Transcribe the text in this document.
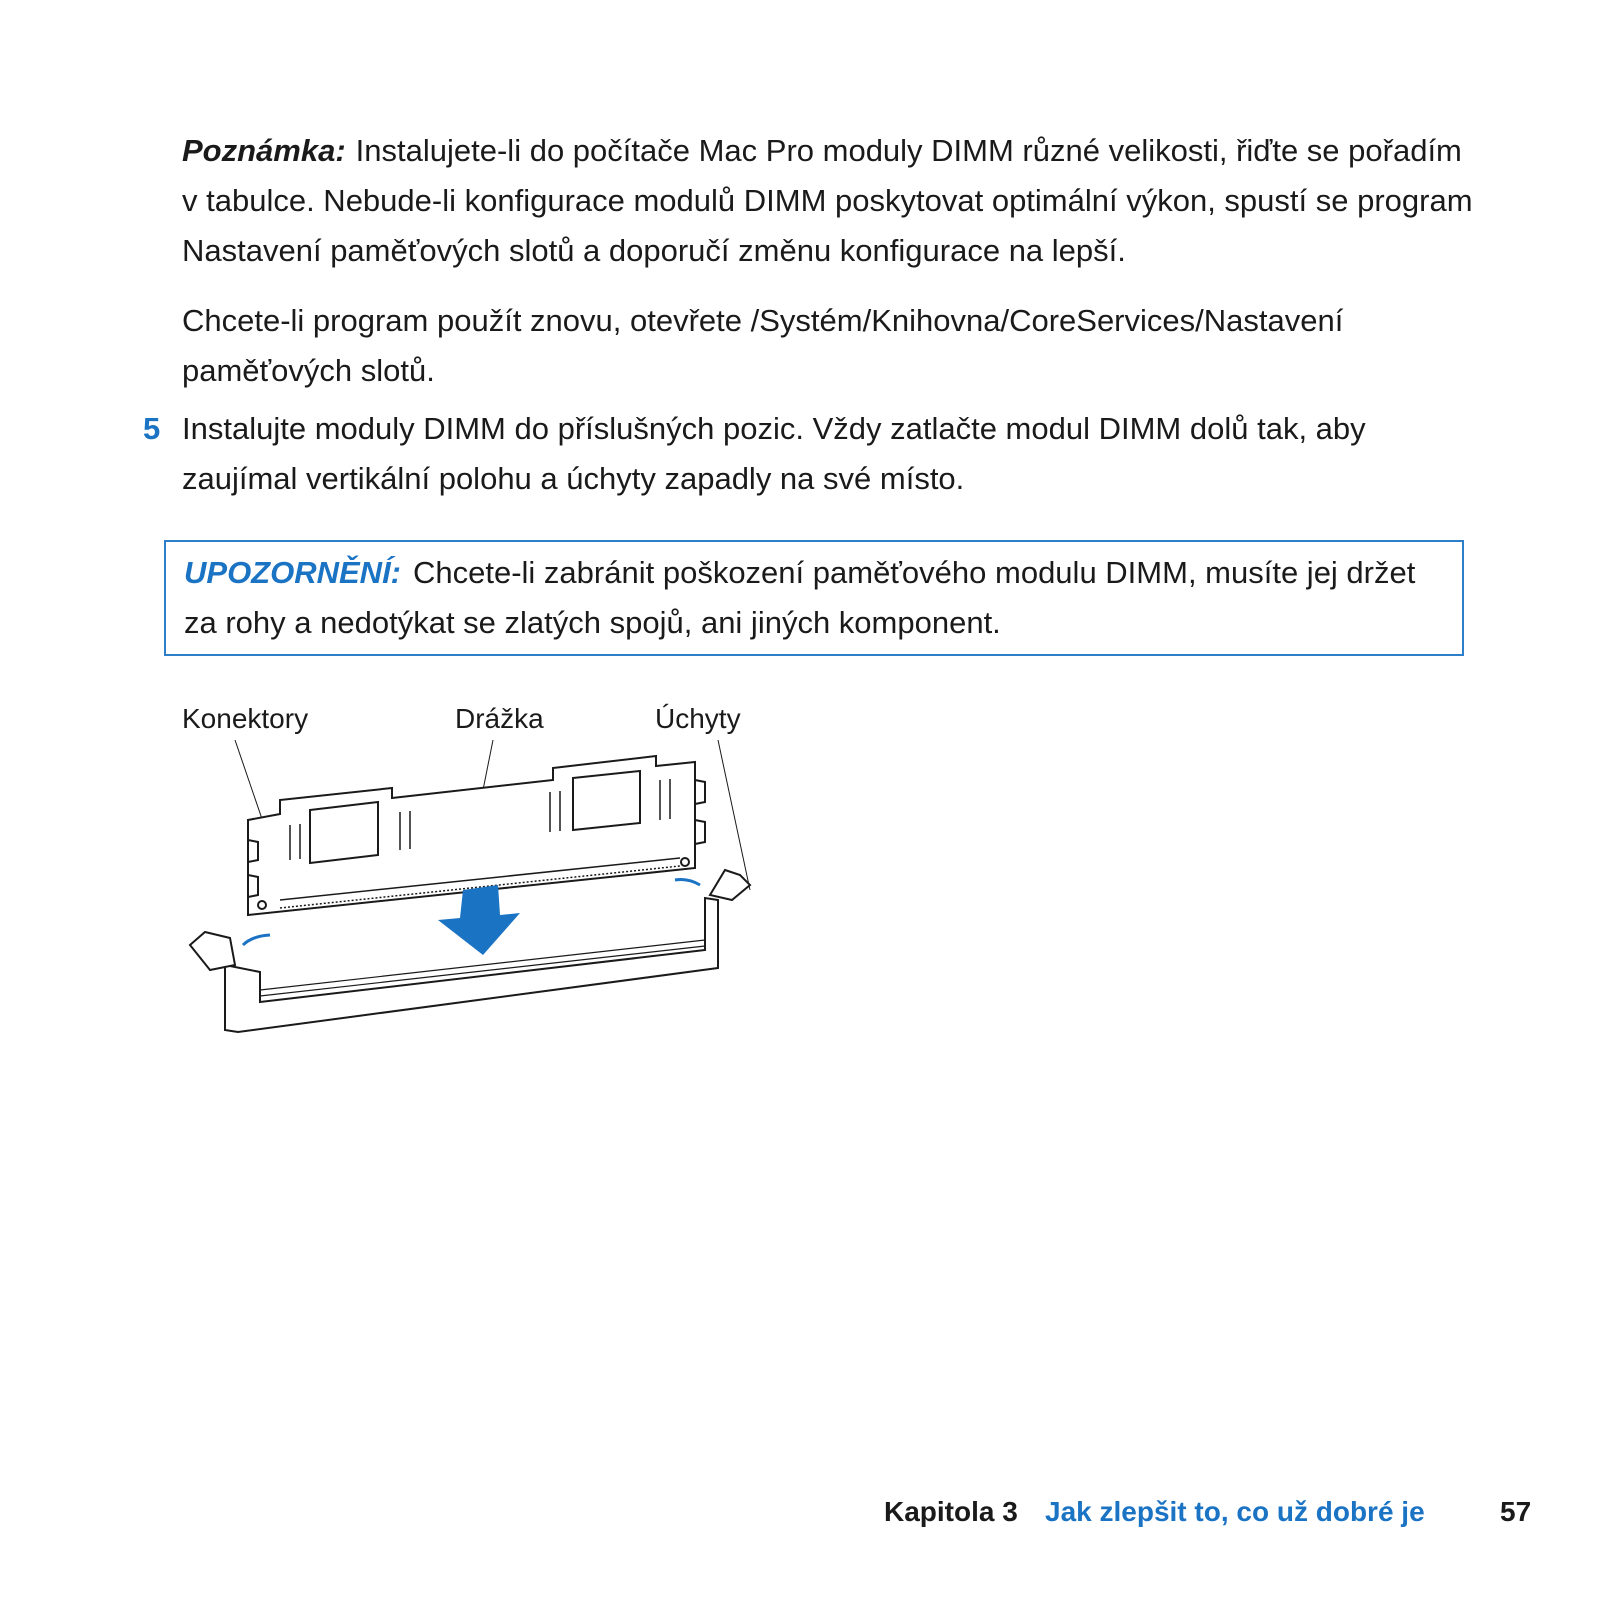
Poznámka: Instalujete-li do počítače Mac Pro moduly DIMM různé velikosti, řiďte se pořadím v tabulce. Nebude-li konfigurace modulů DIMM poskytovat optimální výkon, spustí se program Nastavení paměťových slotů a doporučí změnu konfigurace na lepší.

Chcete-li program použít znovu, otevřete /Systém/Knihovna/CoreServices/Nastavení paměťových slotů.

5 Instalujte moduly DIMM do příslušných pozic. Vždy zatlačte modul DIMM dolů tak, aby zaujímal vertikální polohu a úchyty zapadly na své místo.

UPOZORNĚNÍ: Chcete-li zabránit poškození paměťového modulu DIMM, musíte jej držet za rohy a nedotýkat se zlatých spojů, ani jiných komponent.

Konektory	Drážka	Úchyty
Kapitola 3 Jak zlepšit to, co už dobré je	57
